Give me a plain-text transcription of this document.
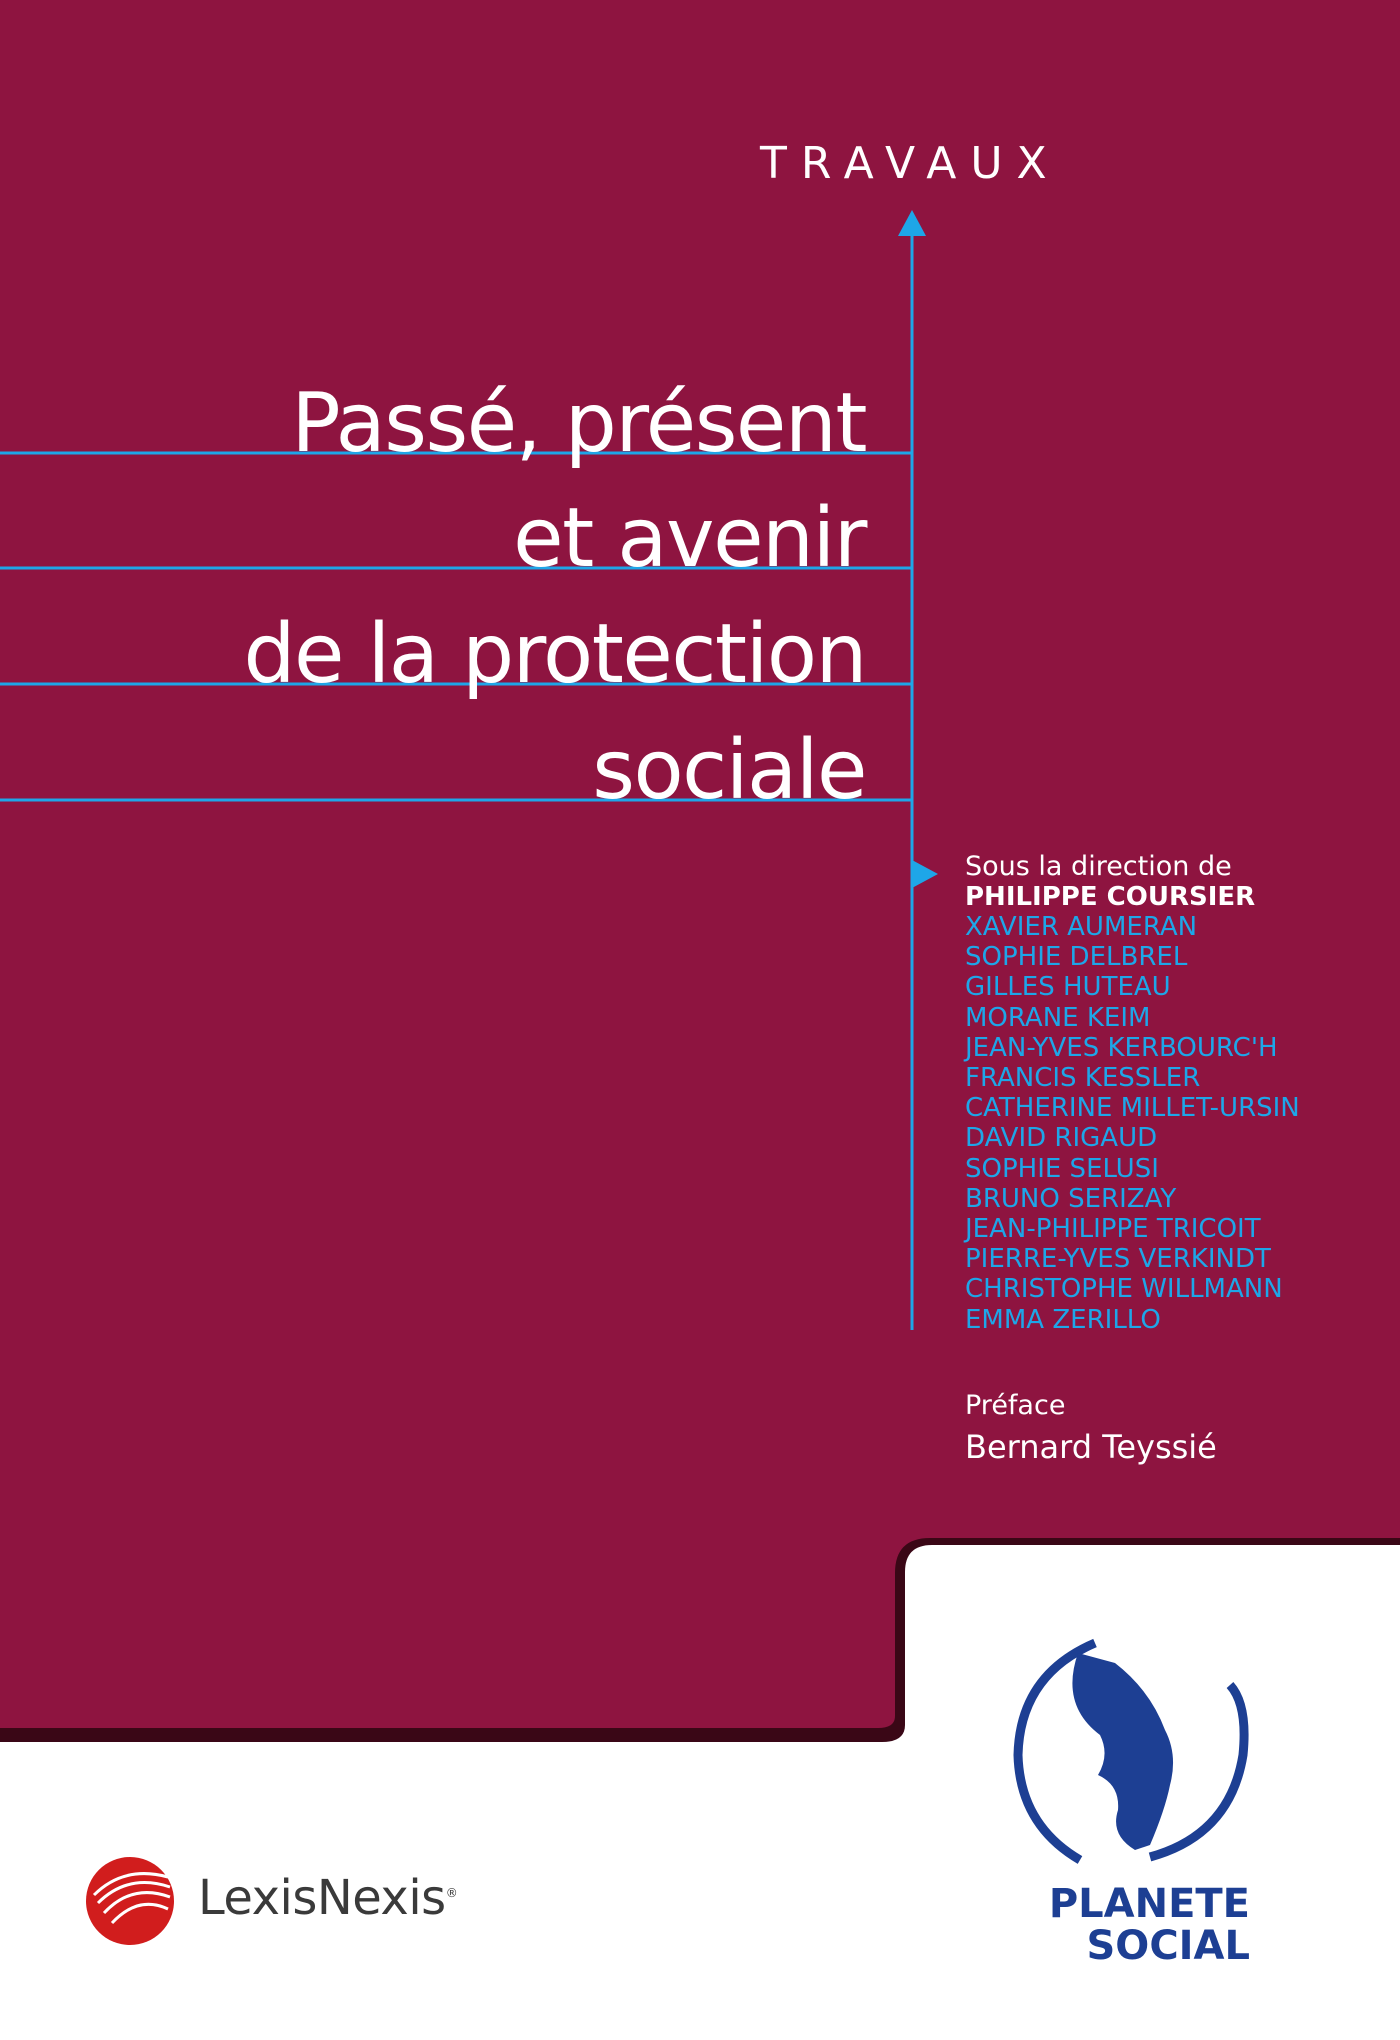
TRAVAUX
Passé, présent
et avenir
de la protection
sociale
Sous la direction de
PHILIPPE COURSIER
XAVIER AUMERAN
SOPHIE DELBREL
GILLES HUTEAU
MORANE KEIM
JEAN-YVES KERBOURC'H
FRANCIS KESSLER
CATHERINE MILLET-URSIN
DAVID RIGAUD
SOPHIE SELUSI
BRUNO SERIZAY
JEAN-PHILIPPE TRICOIT
PIERRE-YVES VERKINDT
CHRISTOPHE WILLMANN
EMMA ZERILLO
Préface
Bernard Teyssié
LexisNexis®	PLANETE
SOCIAL
